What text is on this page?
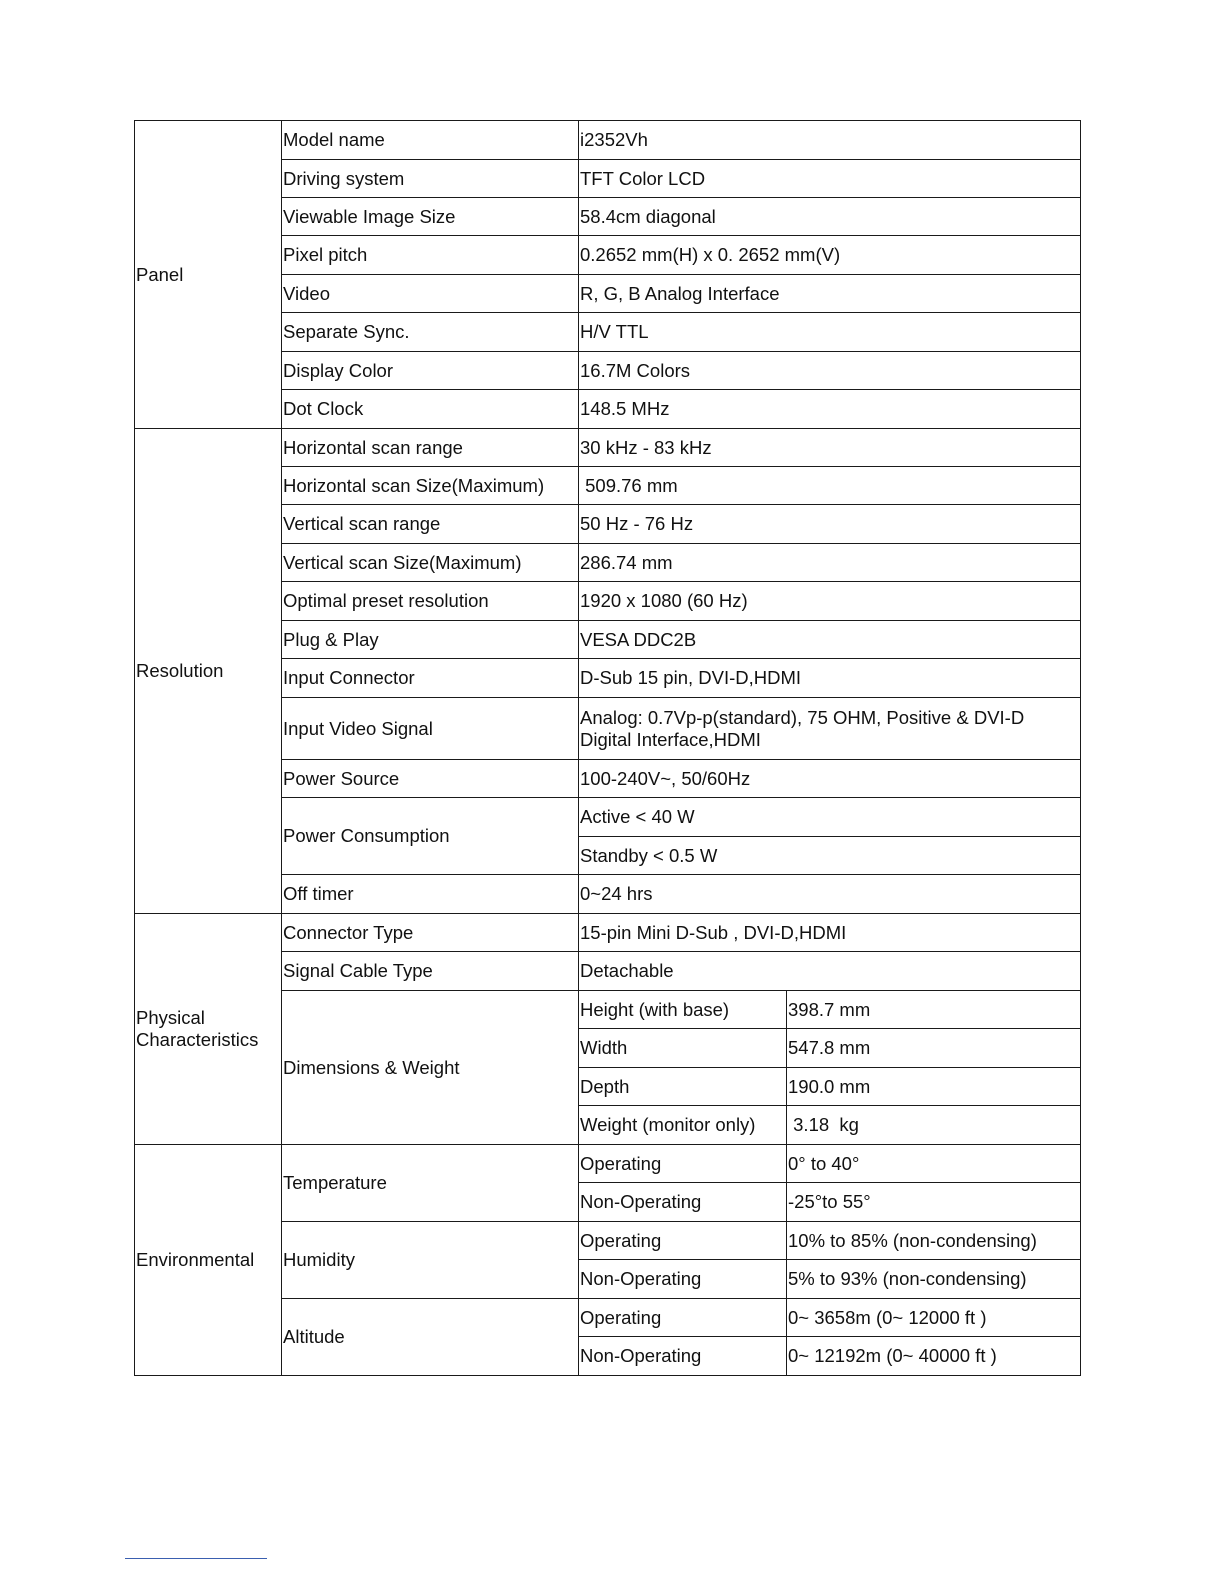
Panel	Model name	i2352Vh	
	Driving system	TFT Color LCD	
	Viewable Image Size	58.4cm diagonal	
	Pixel pitch	0.2652 mm(H) x 0. 2652 mm(V)	
	Video	R, G, B Analog Interface	
	Separate Sync.	H/V TTL	
	Display Color	16.7M Colors	
	Dot Clock	148.5 MHz	
Resolution	Horizontal scan range	30 kHz - 83 kHz	
	Horizontal scan Size(Maximum)	509.76 mm	
	Vertical scan range	50 Hz - 76 Hz	
	Vertical scan Size(Maximum)	286.74 mm	
	Optimal preset resolution	1920 x 1080 (60 Hz)	
	Plug & Play	VESA DDC2B	
	Input Connector	D-Sub 15 pin, DVI-D,HDMI	
	Input Video Signal	Analog: 0.7Vp-p(standard), 75 OHM, Positive & DVI-D Digital Interface,HDMI	
	Power Source	100-240V~, 50/60Hz	
	Power Consumption	Active < 40 W	
		Standby < 0.5 W	
	Off timer	0~24 hrs	
Physical Characteristics	Connector Type	15-pin Mini D-Sub , DVI-D,HDMI	
	Signal Cable Type	Detachable	
	Dimensions & Weight	Height (with base)	398.7 mm
		Width	547.8 mm
		Depth	190.0 mm
		Weight (monitor only)	3.18  kg
Environmental	Temperature	Operating	0° to 40°
		Non-Operating	-25°to 55°
	Humidity	Operating	10% to 85% (non-condensing)
		Non-Operating	5% to 93% (non-condensing)
	Altitude	Operating	0~ 3658m (0~ 12000 ft )
		Non-Operating	0~ 12192m (0~ 40000 ft )
